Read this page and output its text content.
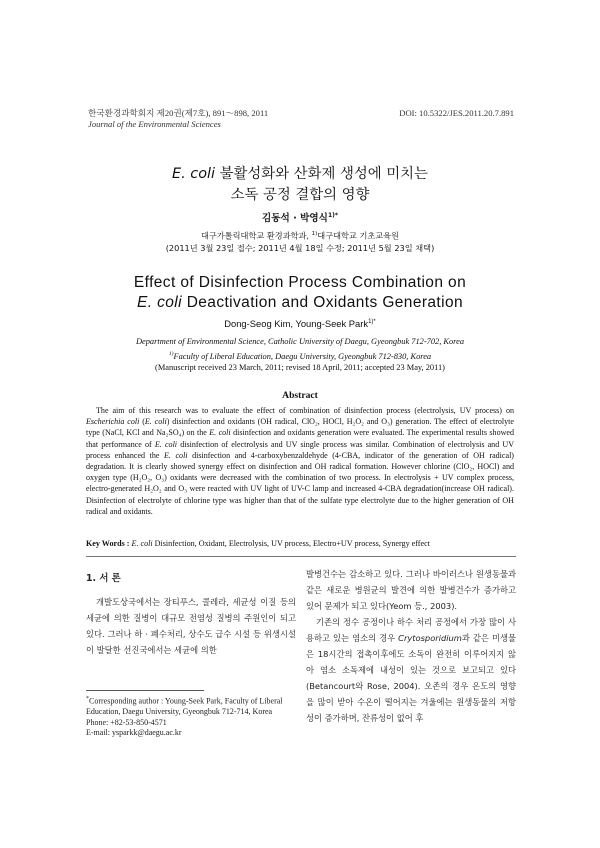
한국환경과학회지 제20권(제7호), 891～898, 2011
Journal of the Environmental Sciences
DOI: 10.5322/JES.2011.20.7.891
E. coli 불활성화와 산화제 생성에 미치는
소독 공정 결합의 영향
김동석 · 박영식$^{1)*}$
대구가톨릭대학교 환경과학과, $^{1)}$대구대학교 기초교육원
(2011년 3월 23일 접수; 2011년 4월 18일 수정; 2011년 5월 23일 채택)
Effect of Disinfection Process Combination on
E. coli Deactivation and Oxidants Generation
Dong-Seog Kim, Young-Seek Park$^{1)*}$
Department of Environmental Science, Catholic University of Daegu, Gyeongbuk 712-702, Korea
$^{1)}$Faculty of Liberal Education, Daegu University, Gyeongbuk 712-830, Korea
(Manuscript received 23 March, 2011; revised 18 April, 2011; accepted 23 May, 2011)
Abstract

The aim of this research was to evaluate the effect of combination of disinfection process (electrolysis, UV process) on Escherichia coli (E. coli) disinfection and oxidants (OH radical, ClO₂, HOCl, H₂O₂ and O₃) generation. The effect of electrolyte type (NaCl, KCl and Na₂SO₄) on the E. coli disinfection and oxidants generation were evaluated. The experimental results showed that performance of E. coli disinfection of electrolysis and UV single process was similar. Combination of electrolysis and UV process enhanced the E. coli disinfection and 4-carboxybenzaldehyde (4-CBA, indicator of the generation of OH radical) degradation. It is clearly showed synergy effect on disinfection and OH radical formation. However chlorine (ClO₂, HOCl) and oxygen type (H₂O₂, O₃) oxidants were decreased with the combination of two process. In electrolysis + UV complex process, electro-generated H₂O₂ and O₃ were reacted with UV light of UV-C lamp and increased 4-CBA degradation(increase OH radical). Disinfection of electrolyte of chlorine type was higher than that of the sulfate type electrolyte due to the higher generation of OH radical and oxidants.

Key Words : E. coli Disinfection, Oxidant, Electrolysis, UV process, Electro+UV process, Synergy effect

1. 서 론

개발도상국에서는 장티푸스, 콜레라, 세균성 이질 등의 세균에 의한 질병이 대규모 전염성 질병의 주원인이 되고 있다. 그러나 하 · 폐수처리, 상수도 급수 시설 등 위생시설이 발달한 선진국에서는 세균에 의한

발병건수는 감소하고 있다. 그러나 바이러스나 원생동물과 같은 새로운 병원균의 발견에 의한 발병건수가 증가하고 있어 문제가 되고 있다(Yeom 등., 2003).

기존의 정수 공정이나 하수 처리 공정에서 가장 많이 사용하고 있는 염소의 경우 Crytosporidium과 같은 미생물은 18시간의 접촉이후에도 소독이 완전히 이루어지지 않아 염소 소독제에 내성이 있는 것으로 보고되고 있다(Betancourt와 Rose, 2004). 오존의 경우 온도의 영향을 많이 받아 수온이 떨어지는 겨울에는 원생동물의 저항성이 증가하며, 잔류성이 없어 후

*Corresponding author : Young-Seek Park, Faculty of Liberal Education, Daegu University, Gyeongbuk 712-714, Korea
Phone: +82-53-850-4571
E-mail: ysparkk@daegu.ac.kr
